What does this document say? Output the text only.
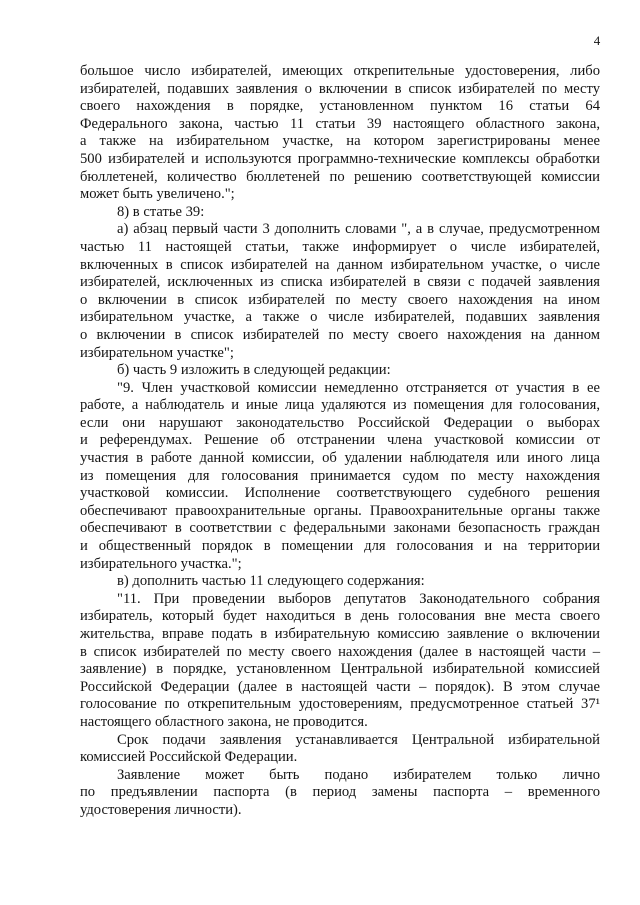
4
большое число избирателей, имеющих открепительные удостоверения, либо
избирателей, подавших заявления о включении в список избирателей по месту
своего нахождения в порядке, установленном пунктом 16 статьи 64
Федерального закона, частью 11 статьи 39 настоящего областного закона,
а также на избирательном участке, на котором зарегистрированы менее
500 избирателей и используются программно-технические комплексы обработки
бюллетеней, количество бюллетеней по решению соответствующей комиссии
может быть увеличено.";
8) в статье 39:
а) абзац первый части 3 дополнить словами ", а в случае, предусмотренном
частью 11 настоящей статьи, также информирует о числе избирателей,
включенных в список избирателей на данном избирательном участке, о числе
избирателей, исключенных из списка избирателей в связи с подачей заявления
о включении в список избирателей по месту своего нахождения на ином
избирательном участке, а также о числе избирателей, подавших заявления
о включении в список избирателей по месту своего нахождения на данном
избирательном участке";
б) часть 9 изложить в следующей редакции:
"9. Член участковой комиссии немедленно отстраняется от участия в ее
работе, а наблюдатель и иные лица удаляются из помещения для голосования,
если они нарушают законодательство Российской Федерации о выборах
и референдумах. Решение об отстранении члена участковой комиссии от
участия в работе данной комиссии, об удалении наблюдателя или иного лица
из помещения для голосования принимается судом по месту нахождения
участковой комиссии. Исполнение соответствующего судебного решения
обеспечивают правоохранительные органы. Правоохранительные органы также
обеспечивают в соответствии с федеральными законами безопасность граждан
и общественный порядок в помещении для голосования и на территории
избирательного участка.";
в) дополнить частью 11 следующего содержания:
"11. При проведении выборов депутатов Законодательного собрания
избиратель, который будет находиться в день голосования вне места своего
жительства, вправе подать в избирательную комиссию заявление о включении
в список избирателей по месту своего нахождения (далее в настоящей части –
заявление) в порядке, установленном Центральной избирательной комиссией
Российской Федерации (далее в настоящей части – порядок). В этом случае
голосование по открепительным удостоверениям, предусмотренное статьей 37¹
настоящего областного закона, не проводится.
Срок подачи заявления устанавливается Центральной избирательной
комиссией Российской Федерации.
Заявление может быть подано избирателем только лично
по предъявлении паспорта (в период замены паспорта – временного
удостоверения личности).
